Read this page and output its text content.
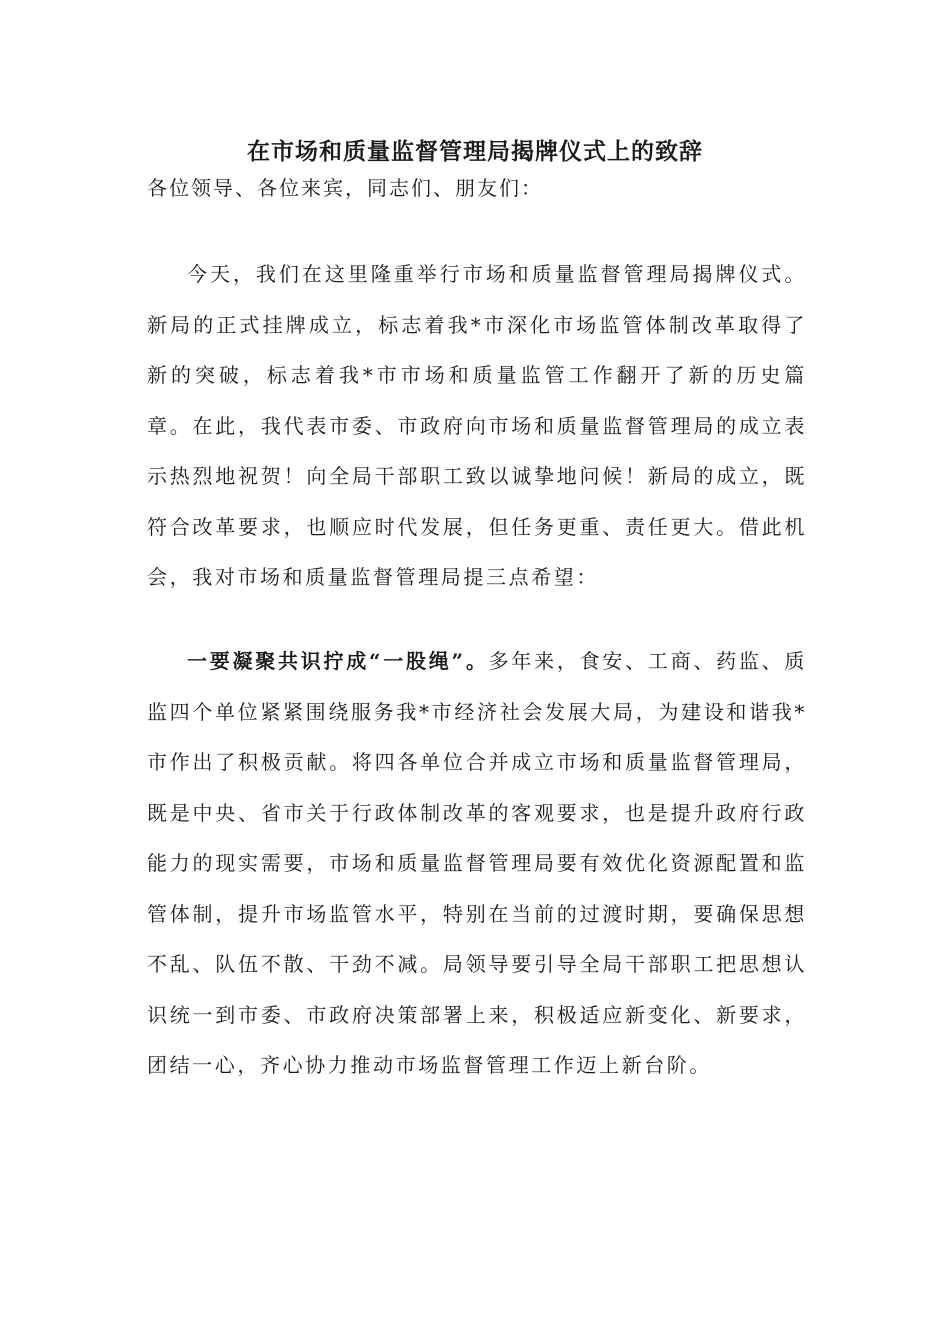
在市场和质量监督管理局揭牌仪式上的致辞
各位领导、各位来宾，同志们、朋友们：

今天，我们在这里隆重举行市场和质量监督管理局揭牌仪式。新局的正式挂牌成立，标志着我*市深化市场监管体制改革取得了新的突破，标志着我*市市场和质量监管工作翻开了新的历史篇章。在此，我代表市委、市政府向市场和质量监督管理局的成立表示热烈地祝贺！向全局干部职工致以诚挚地问候！新局的成立，既符合改革要求，也顺应时代发展，但任务更重、责任更大。借此机会，我对市场和质量监督管理局提三点希望：

一要凝聚共识拧成“一股绳”。多年来，食安、工商、药监、质监四个单位紧紧围绕服务我*市经济社会发展大局，为建设和谐我*市作出了积极贡献。将四各单位合并成立市场和质量监督管理局，既是中央、省市关于行政体制改革的客观要求，也是提升政府行政能力的现实需要，市场和质量监督管理局要有效优化资源配置和监管体制，提升市场监管水平，特别在当前的过渡时期，要确保思想不乱、队伍不散、干劲不减。局领导要引导全局干部职工把思想认识统一到市委、市政府决策部署上来，积极适应新变化、新要求，团结一心，齐心协力推动市场监督管理工作迈上新台阶。
